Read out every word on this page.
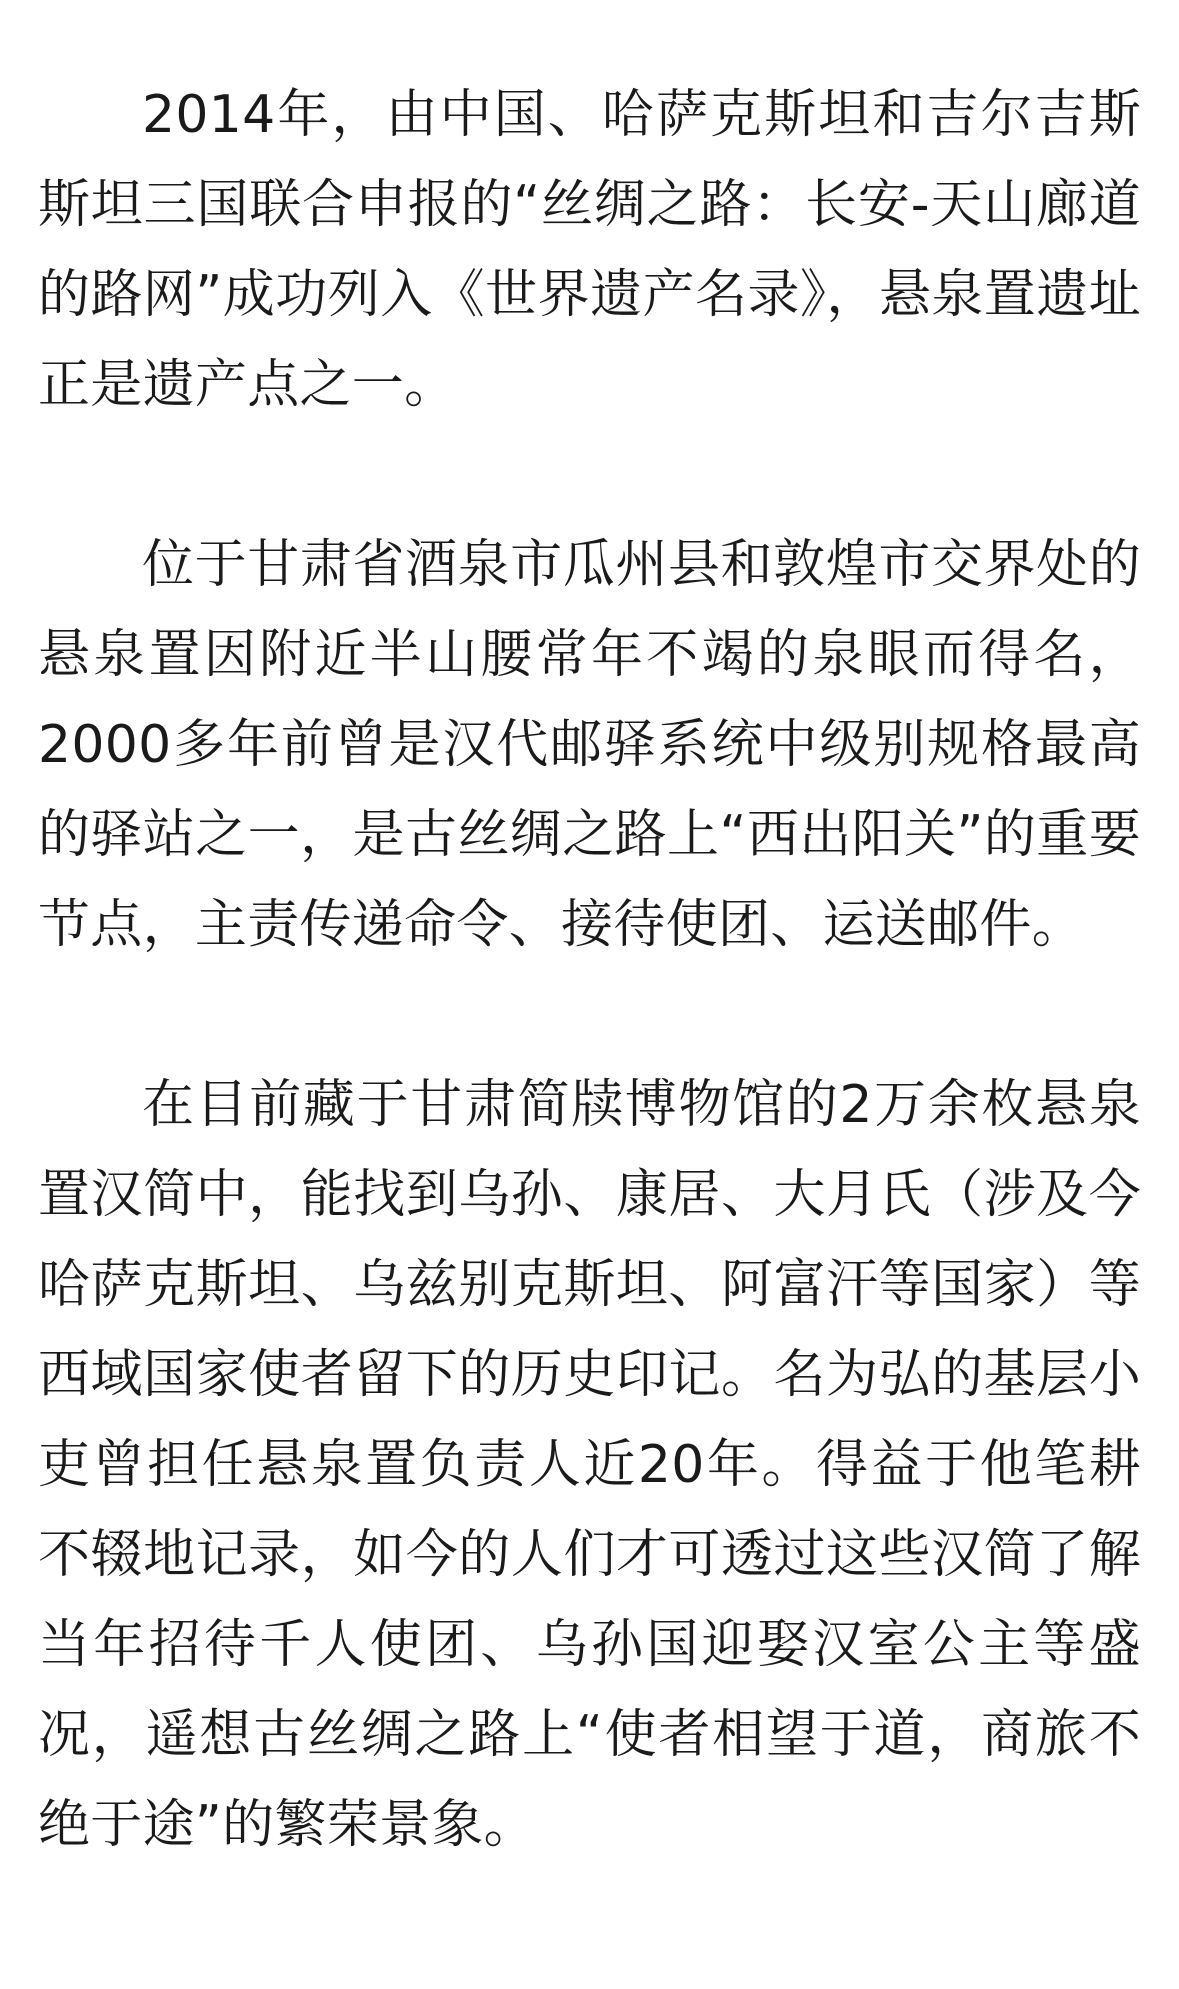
2014年，由中国、哈萨克斯坦和吉尔吉斯斯坦三国联合申报的“丝绸之路：长安-天山廊道的路网”成功列入《世界遗产名录》，悬泉置遗址正是遗产点之一。

位于甘肃省酒泉市瓜州县和敦煌市交界处的悬泉置因附近半山腰常年不竭的泉眼而得名，2000多年前曾是汉代邮驿系统中级别规格最高的驿站之一，是古丝绸之路上“西出阳关”的重要节点，主责传递命令、接待使团、运送邮件。

在目前藏于甘肃简牍博物馆的2万余枚悬泉置汉简中，能找到乌孙、康居、大月氏（涉及今哈萨克斯坦、乌兹别克斯坦、阿富汗等国家）等西域国家使者留下的历史印记。名为弘的基层小吏曾担任悬泉置负责人近20年。得益于他笔耕不辍地记录，如今的人们才可透过这些汉简了解当年招待千人使团、乌孙国迎娶汉室公主等盛况，遥想古丝绸之路上“使者相望于道，商旅不绝于途”的繁荣景象。
